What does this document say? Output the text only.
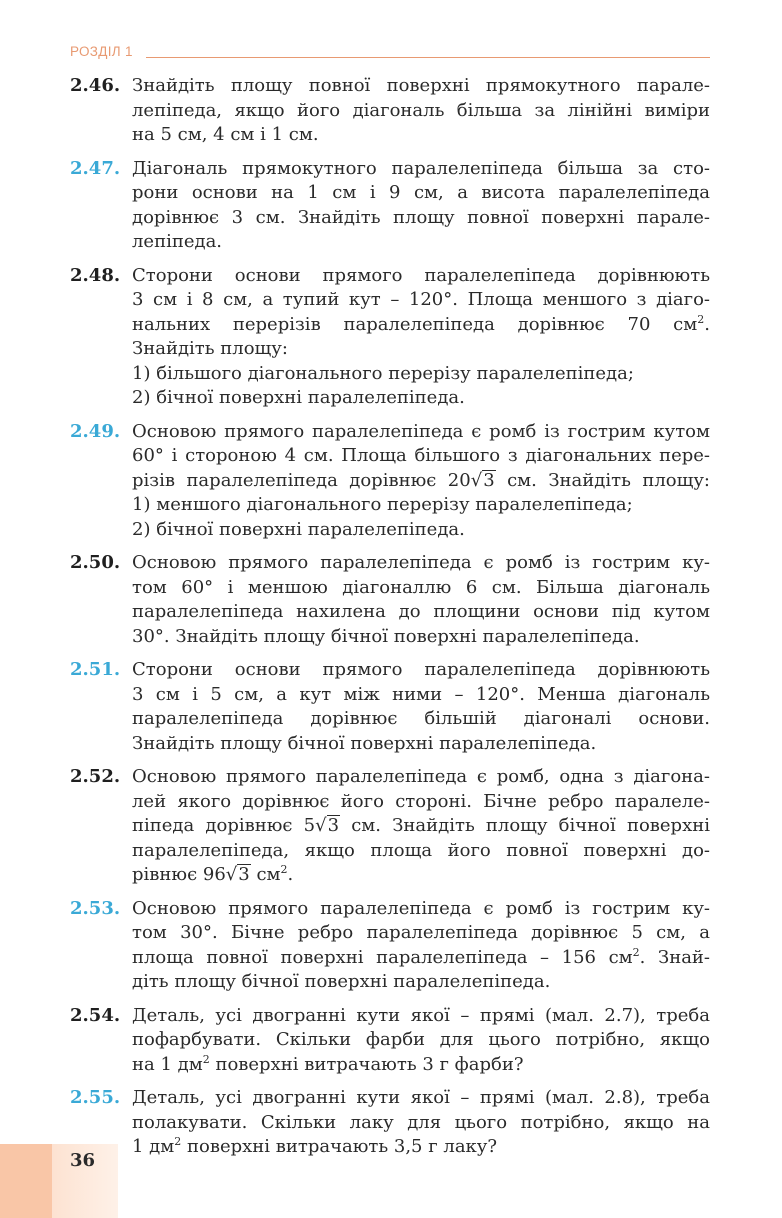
РОЗДІЛ 1
2.46. Знайдіть площу повної поверхні прямокутного парале-
лепіпеда, якщо його діагональ більша за лінійні виміри
на 5 см, 4 см і 1 см.
2.47. Діагональ прямокутного паралелепіпеда більша за сто-
рони основи на 1 см і 9 см, а висота паралелепіпеда
дорівнює 3 см. Знайдіть площу повної поверхні парале-
лепіпеда.
2.48. Сторони основи прямого паралелепіпеда дорівнюють
3 см і 8 см, а тупий кут – 120°. Площа меншого з діаго-
нальних перерізів паралелепіпеда дорівнює 70 $см^2$.
Знайдіть площу:
1) більшого діагонального перерізу паралелепіпеда;
2) бічної поверхні паралелепіпеда.
2.49. Основою прямого паралелепіпеда є ромб із гострим кутом
60° і стороною 4 см. Площа більшого з діагональних пере-
різів паралелепіпеда дорівнює 20√3 см. Знайдіть площу:
1) меншого діагонального перерізу паралелепіпеда;
2) бічної поверхні паралелепіпеда.
2.50. Основою прямого паралелепіпеда є ромб із гострим ку-
том 60° і меншою діагоналлю 6 см. Більша діагональ
паралелепіпеда нахилена до площини основи під кутом
30°. Знайдіть площу бічної поверхні паралелепіпеда.
2.51. Сторони основи прямого паралелепіпеда дорівнюють
3 см і 5 см, а кут між ними – 120°. Менша діагональ
паралелепіпеда дорівнює більшій діагоналі основи.
Знайдіть площу бічної поверхні паралелепіпеда.
2.52. Основою прямого паралелепіпеда є ромб, одна з діагона-
лей якого дорівнює його стороні. Бічне ребро паралеле-
піпеда дорівнює 5√3 см. Знайдіть площу бічної поверхні
паралелепіпеда, якщо площа його повної поверхні до-
рівнює 96√3 $см^2$.
2.53. Основою прямого паралелепіпеда є ромб із гострим ку-
том 30°. Бічне ребро паралелепіпеда дорівнює 5 см, а
площа повної поверхні паралелепіпеда – 156 $см^2$. Знай-
діть площу бічної поверхні паралелепіпеда.
2.54. Деталь, усі двогранні кути якої – прямі (мал. 2.7), треба
пофарбувати. Скільки фарби для цього потрібно, якщо
на 1 $дм^2$ поверхні витрачають 3 г фарби?
2.55. Деталь, усі двогранні кути якої – прямі (мал. 2.8), треба
полакувати. Скільки лаку для цього потрібно, якщо на
1 $дм^2$ поверхні витрачають 3,5 г лаку?
36
